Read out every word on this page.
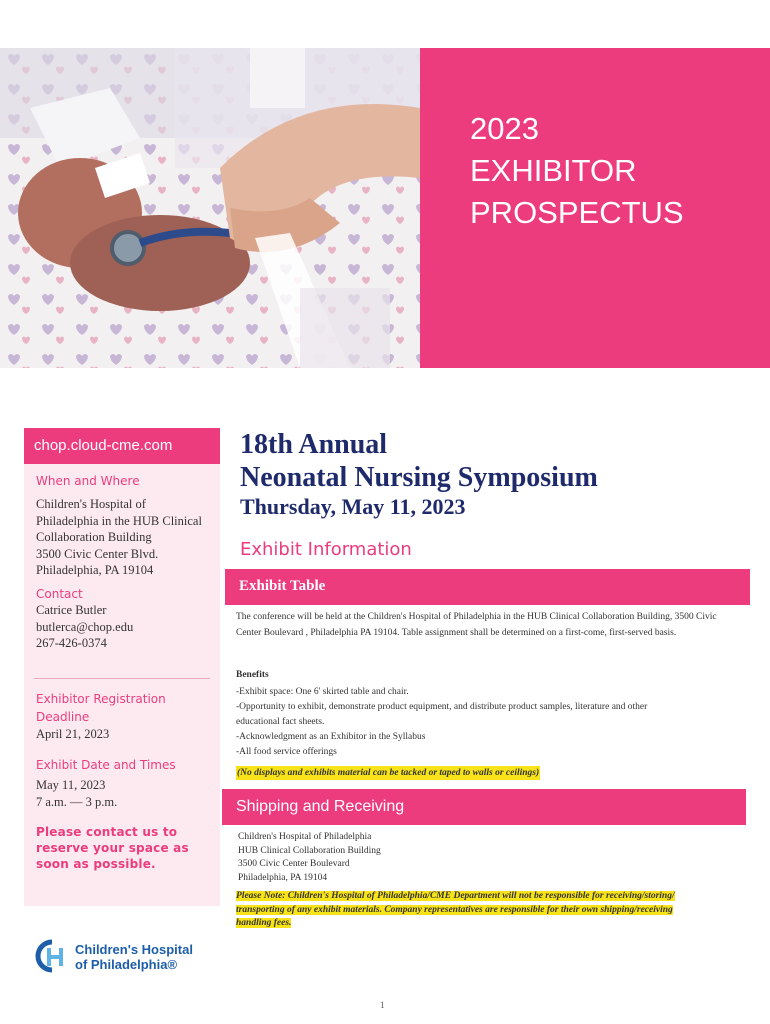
2023
EXHIBITOR
PROSPECTUS
chop.cloud-cme.com
When and Where
Children's Hospital of
Philadelphia in the HUB Clinical
Collaboration Building
3500 Civic Center Blvd.
Philadelphia, PA 19104
Contact
Catrice Butler
butlerca@chop.edu
267-426-0374
Exhibitor Registration
Deadline
April 21, 2023
Exhibit Date and Times
May 11, 2023
7 a.m. — 3 p.m.
Please contact us to
reserve your space as
soon as possible.
Children's Hospital
of Philadelphia®
18th Annual
Neonatal Nursing Symposium
Thursday, May 11, 2023
Exhibit Information
Exhibit Table
The conference will be held at the Children's Hospital of Philadelphia in the HUB Clinical Collaboration Building, 3500 Civic Center Boulevard , Philadelphia PA 19104. Table assignment shall be determined on a first-come, first-served basis.
Benefits
-Exhibit space: One 6' skirted table and chair.
-Opportunity to exhibit, demonstrate product equipment, and distribute product samples, literature and other
educational fact sheets.
-Acknowledgment as an Exhibitor in the Syllabus
-All food service offerings
(No displays and exhibits material can be tacked or taped to walls or ceilings)
Shipping and Receiving
Children's Hospital of Philadelphia
HUB Clinical Collaboration Building
3500 Civic Center Boulevard
Philadelphia, PA 19104
Please Note: Children's Hospital of Philadelphia/CME Department will not be responsible for receiving/storing/ transporting of any exhibit materials. Company representatives are responsible for their own shipping/receiving handling fees.
1
